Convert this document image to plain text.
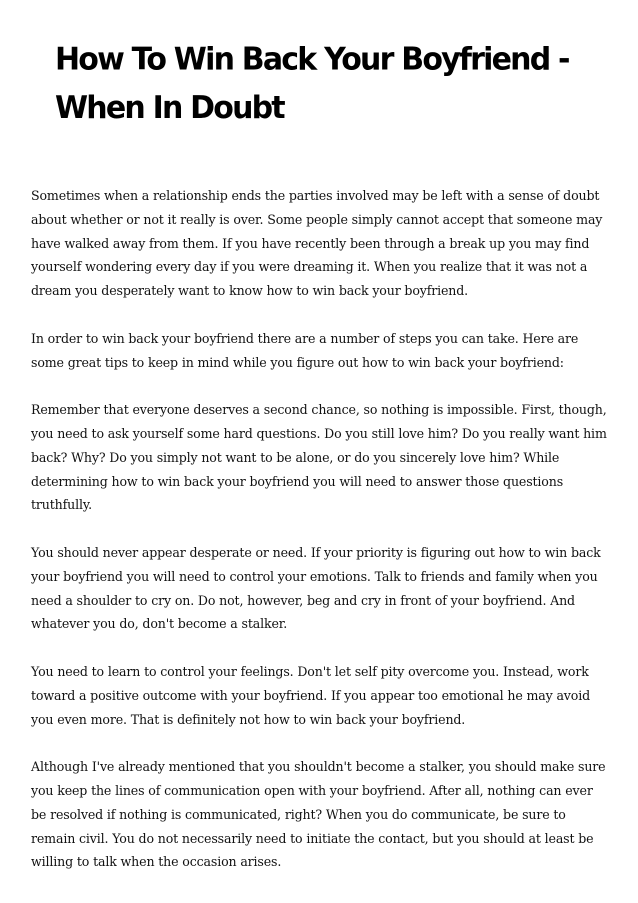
How To Win Back Your Boyfriend - When In Doubt

Sometimes when a relationship ends the parties involved may be left with a sense of doubt about whether or not it really is over. Some people simply cannot accept that someone may have walked away from them. If you have recently been through a break up you may find yourself wondering every day if you were dreaming it. When you realize that it was not a dream you desperately want to know how to win back your boyfriend.

In order to win back your boyfriend there are a number of steps you can take. Here are some great tips to keep in mind while you figure out how to win back your boyfriend:

Remember that everyone deserves a second chance, so nothing is impossible. First, though, you need to ask yourself some hard questions. Do you still love him? Do you really want him back? Why? Do you simply not want to be alone, or do you sincerely love him? While determining how to win back your boyfriend you will need to answer those questions truthfully.

You should never appear desperate or need. If your priority is figuring out how to win back your boyfriend you will need to control your emotions. Talk to friends and family when you need a shoulder to cry on. Do not, however, beg and cry in front of your boyfriend. And whatever you do, don't become a stalker.

You need to learn to control your feelings. Don't let self pity overcome you. Instead, work toward a positive outcome with your boyfriend. If you appear too emotional he may avoid you even more. That is definitely not how to win back your boyfriend.

Although I've already mentioned that you shouldn't become a stalker, you should make sure you keep the lines of communication open with your boyfriend. After all, nothing can ever be resolved if nothing is communicated, right? When you do communicate, be sure to remain civil. You do not necessarily need to initiate the contact, but you should at least be willing to talk when the occasion arises.
